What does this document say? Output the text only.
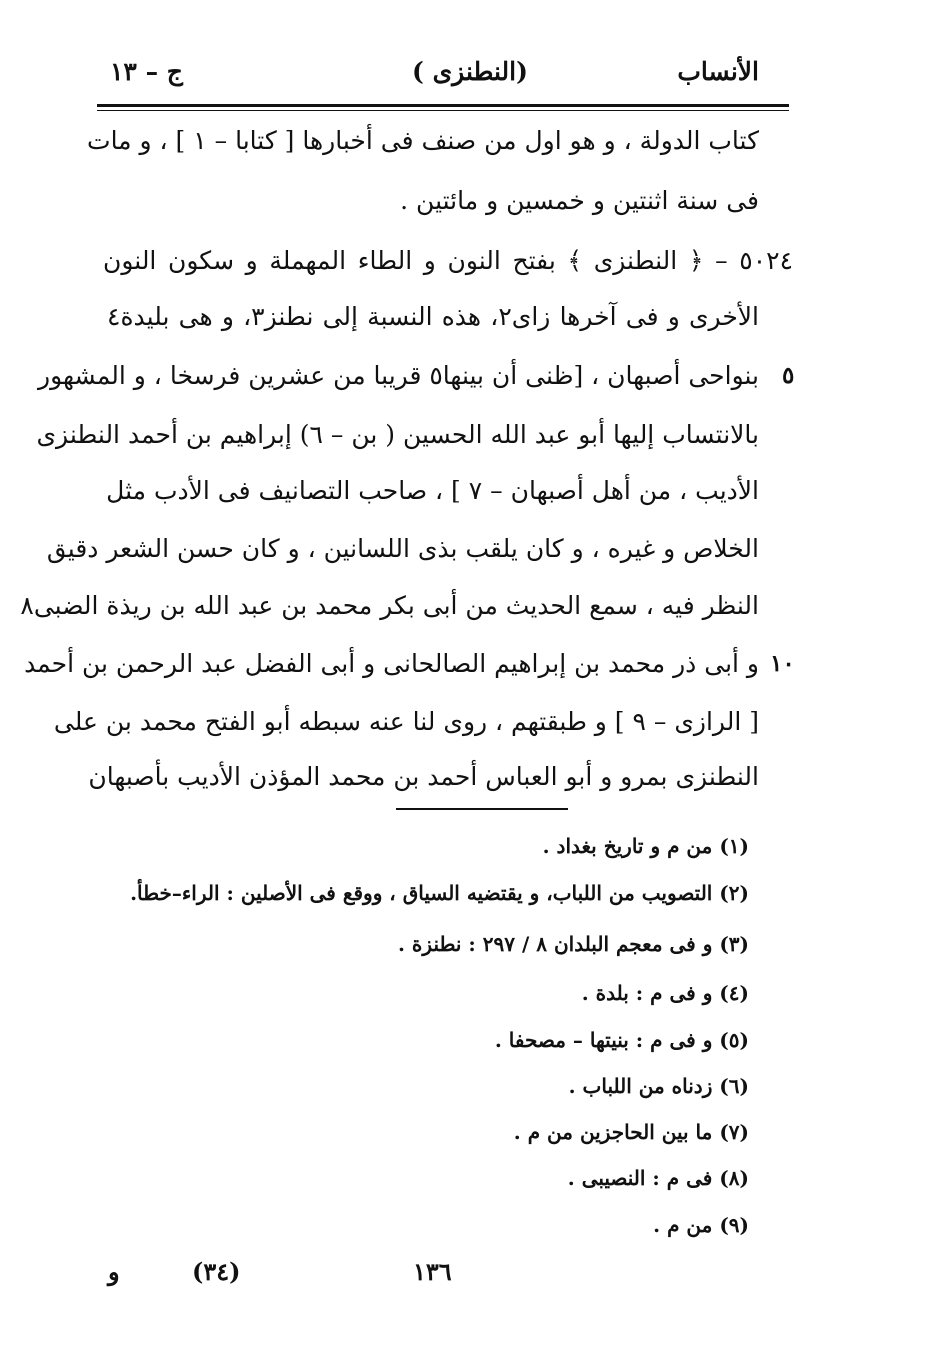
الأنساب
(النطنزى )
ج – ١٣
كتاب الدولة ، و هو اول من صنف فى أخبارها [ كتابا – ١ ] ، و مات
فى سنة اثنتين و خمسين و مائتين .
٥٠٢٤ – ﴿ النطنزى ﴾ بفتح النون و الطاء المهملة و سكون النون
الأخرى و فى آخرها زاى٢، هذه النسبة إلى نطنز٣، و هى بليدة٤
بنواحى أصبهان ، [ظنى أن بينها٥ قريبا من عشرين فرسخا ، و المشهور
بالانتساب إليها أبو عبد الله الحسين ( بن – ٦) إبراهيم بن أحمد النطنزى
الأديب ، من أهل أصبهان – ٧ ] ، صاحب التصانيف فى الأدب مثل
الخلاص و غيره ، و كان يلقب بذى اللسانين ، و كان حسن الشعر دقيق
النظر فيه ، سمع الحديث من أبى بكر محمد بن عبد الله بن ريذة الضبى٨
و أبى ذر محمد بن إبراهيم الصالحانى و أبى الفضل عبد الرحمن بن أحمد
[ الرازى – ٩ ] و طبقتهم ، روى لنا عنه سبطه أبو الفتح محمد بن على
النطنزى بمرو و أبو العباس أحمد بن محمد المؤذن الأديب بأصبهان
٥
١٠
(١) من م و تاريخ بغداد .
(٢) التصويب من اللباب، و يقتضيه السياق ، ووقع فى الأصلين : الراء–خطأ.
(٣) و فى معجم البلدان ٨ / ٢٩٧ : نطنزة .
(٤) و فى م : بلدة .
(٥) و فى م : بنيتها – مصحفا .
(٦) زدناه من اللباب .
(٧) ما بين الحاجزين من م .
(٨) فى م : النصيبى .
(٩) من م .
١٣٦
(٣٤)
و
